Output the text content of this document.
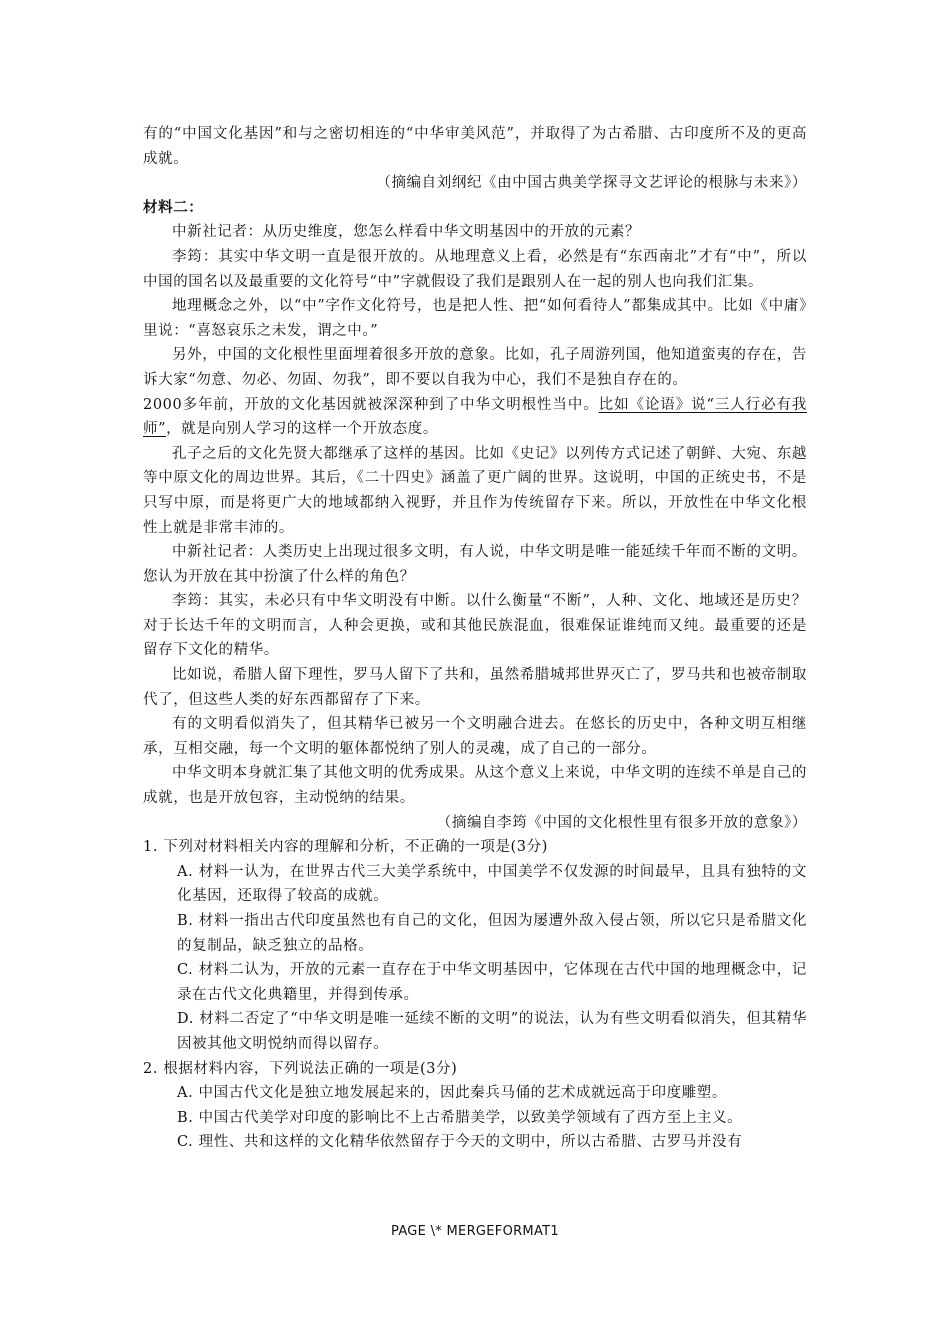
有的“中国文化基因”和与之密切相连的“中华审美风范”，并取得了为古希腊、古印度所不及的更高成就。

（摘编自刘纲纪《由中国古典美学探寻文艺评论的根脉与未来》）

材料二：

中新社记者：从历史维度，您怎么样看中华文明基因中的开放的元素？

李筠：其实中华文明一直是很开放的。从地理意义上看，必然是有“东西南北”才有“中”，所以中国的国名以及最重要的文化符号“中”字就假设了我们是跟别人在一起的别人也向我们汇集。

地理概念之外，以“中”字作文化符号，也是把人性、把“如何看待人”都集成其中。比如《中庸》里说：“喜怒哀乐之未发，谓之中。”

另外，中国的文化根性里面埋着很多开放的意象。比如，孔子周游列国，他知道蛮夷的存在，告诉大家“勿意、勿必、勿固、勿我”，即不要以自我为中心，我们不是独自存在的。

2000多年前，开放的文化基因就被深深种到了中华文明根性当中。比如《论语》说“三人行必有我师”，就是向别人学习的这样一个开放态度。

孔子之后的文化先贤大都继承了这样的基因。比如《史记》以列传方式记述了朝鲜、大宛、东越等中原文化的周边世界。其后，《二十四史》涵盖了更广阔的世界。这说明，中国的正统史书，不是只写中原，而是将更广大的地域都纳入视野，并且作为传统留存下来。所以，开放性在中华文化根性上就是非常丰沛的。

中新社记者：人类历史上出现过很多文明，有人说，中华文明是唯一能延续千年而不断的文明。您认为开放在其中扮演了什么样的角色？

李筠：其实，未必只有中华文明没有中断。以什么衡量“不断”，人种、文化、地域还是历史？对于长达千年的文明而言，人种会更换，或和其他民族混血，很难保证谁纯而又纯。最重要的还是留存下文化的精华。

比如说，希腊人留下理性，罗马人留下了共和，虽然希腊城邦世界灭亡了，罗马共和也被帝制取代了，但这些人类的好东西都留存了下来。

有的文明看似消失了，但其精华已被另一个文明融合进去。在悠长的历史中，各种文明互相继承，互相交融，每一个文明的躯体都悦纳了别人的灵魂，成了自己的一部分。

中华文明本身就汇集了其他文明的优秀成果。从这个意义上来说，中华文明的连续不单是自己的成就，也是开放包容，主动悦纳的结果。

（摘编自李筠《中国的文化根性里有很多开放的意象》）

1. 下列对材料相关内容的理解和分析，不正确的一项是(3分)

A. 材料一认为，在世界古代三大美学系统中，中国美学不仅发源的时间最早，且具有独特的文化基因，还取得了较高的成就。

B. 材料一指出古代印度虽然也有自己的文化，但因为屡遭外敌入侵占领，所以它只是希腊文化的复制品，缺乏独立的品格。

C. 材料二认为，开放的元素一直存在于中华文明基因中，它体现在古代中国的地理概念中，记录在古代文化典籍里，并得到传承。

D. 材料二否定了“中华文明是唯一延续不断的文明”的说法，认为有些文明看似消失，但其精华因被其他文明悦纳而得以留存。

2. 根据材料内容，下列说法正确的一项是(3分)

A. 中国古代文化是独立地发展起来的，因此秦兵马俑的艺术成就远高于印度雕塑。

B. 中国古代美学对印度的影响比不上古希腊美学，以致美学领域有了西方至上主义。

C. 理性、共和这样的文化精华依然留存于今天的文明中，所以古希腊、古罗马并没有

PAGE \* MERGEFORMAT1
